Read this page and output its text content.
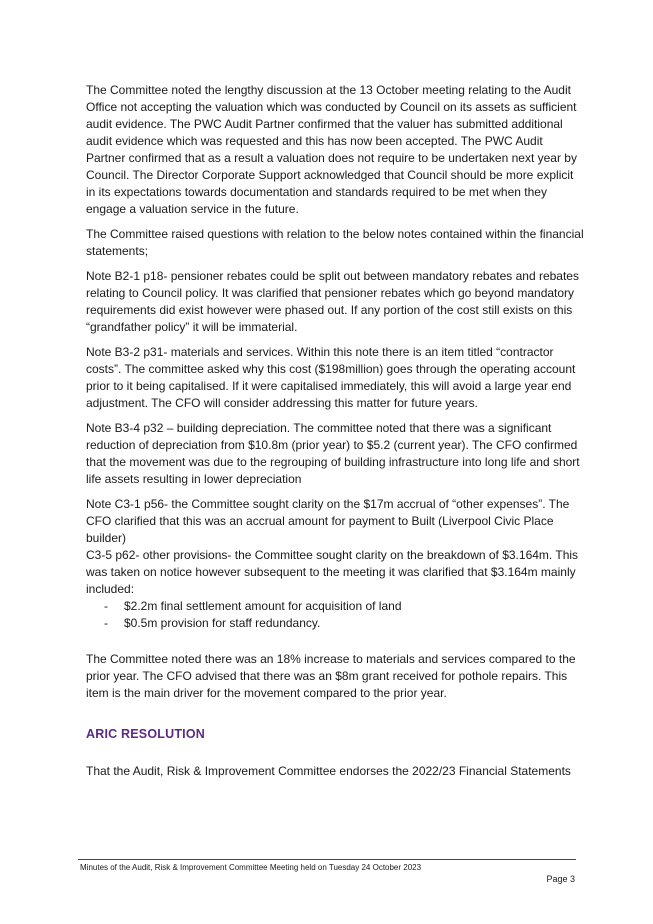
The Committee noted the lengthy discussion at the 13 October meeting relating to the Audit Office not accepting the valuation which was conducted by Council on its assets as sufficient audit evidence. The PWC Audit Partner confirmed that the valuer has submitted additional audit evidence which was requested and this has now been accepted. The PWC Audit Partner confirmed that as a result a valuation does not require to be undertaken next year by Council. The Director Corporate Support acknowledged that Council should be more explicit in its expectations towards documentation and standards required to be met when they engage a valuation service in the future.

The Committee raised questions with relation to the below notes contained within the financial statements;

Note B2-1 p18- pensioner rebates could be split out between mandatory rebates and rebates relating to Council policy. It was clarified that pensioner rebates which go beyond mandatory requirements did exist however were phased out. If any portion of the cost still exists on this “grandfather policy” it will be immaterial.

Note B3-2 p31- materials and services. Within this note there is an item titled “contractor costs”. The committee asked why this cost ($198million) goes through the operating account prior to it being capitalised. If it were capitalised immediately, this will avoid a large year end adjustment. The CFO will consider addressing this matter for future years.

Note B3-4 p32 – building depreciation. The committee noted that there was a significant reduction of depreciation from $10.8m (prior year) to $5.2 (current year). The CFO confirmed that the movement was due to the regrouping of building infrastructure into long life and short life assets resulting in lower depreciation

Note C3-1 p56- the Committee sought clarity on the $17m accrual of “other expenses”. The CFO clarified that this was an accrual amount for payment to Built (Liverpool Civic Place builder)

C3-5 p62- other provisions- the Committee sought clarity on the breakdown of $3.164m. This was taken on notice however subsequent to the meeting it was clarified that $3.164m mainly included:

- $2.2m final settlement amount for acquisition of land
- $0.5m provision for staff redundancy.

The Committee noted there was an 18% increase to materials and services compared to the prior year. The CFO advised that there was an $8m grant received for pothole repairs. This item is the main driver for the movement compared to the prior year.

ARIC RESOLUTION

That the Audit, Risk & Improvement Committee endorses the 2022/23 Financial Statements

Minutes of the Audit, Risk & Improvement Committee Meeting held on Tuesday 24 October 2023
Page 3
